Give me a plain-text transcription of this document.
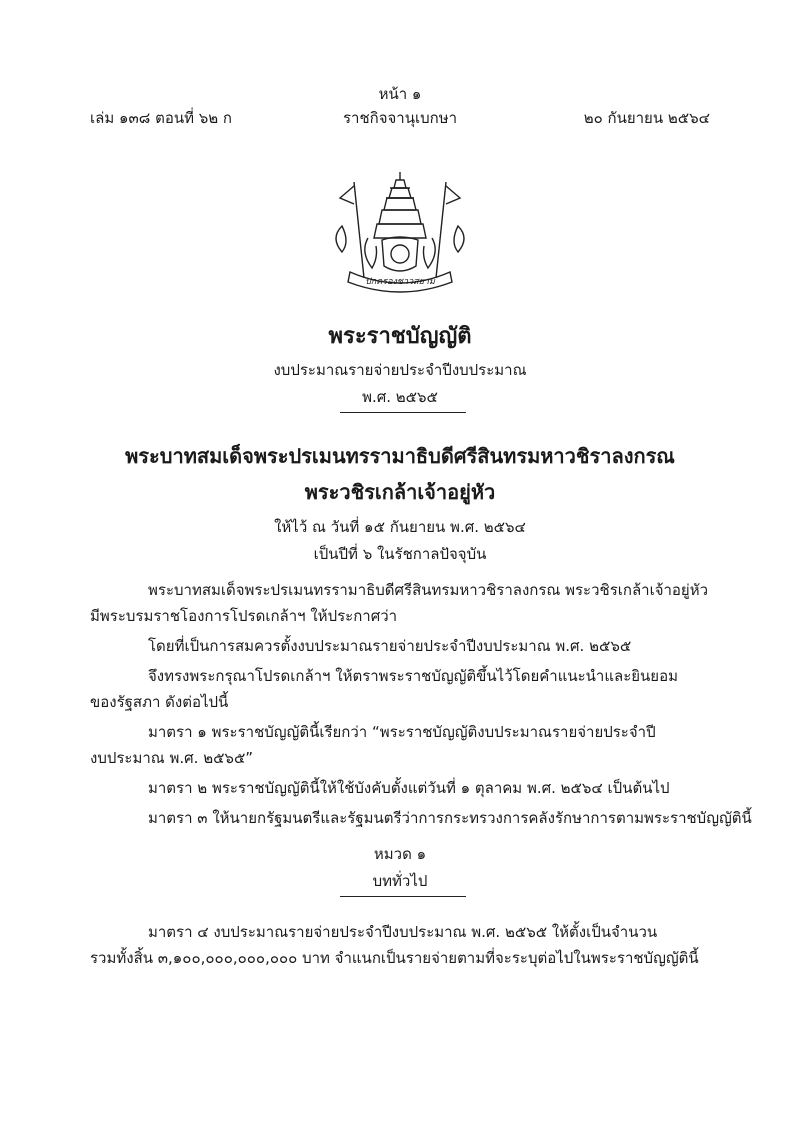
หน้า ๑
เล่ม ๑๓๘ ตอนที่ ๖๒ ก	ราชกิจจานุเบกษา	๒๐ กันยายน ๒๕๖๔
ปกครองชาวสยาม
พระราชบัญญัติ
งบประมาณรายจ่ายประจำปีงบประมาณ
พ.ศ. ๒๕๖๕
พระบาทสมเด็จพระปรเมนทรรามาธิบดีศรีสินทรมหาวชิราลงกรณ
พระวชิรเกล้าเจ้าอยู่หัว
ให้ไว้ ณ วันที่ ๑๕ กันยายน พ.ศ. ๒๕๖๔
เป็นปีที่ ๖ ในรัชกาลปัจจุบัน
พระบาทสมเด็จพระปรเมนทรรามาธิบดีศรีสินทรมหาวชิราลงกรณ พระวชิรเกล้าเจ้าอยู่หัว
มีพระบรมราชโองการโปรดเกล้าฯ ให้ประกาศว่า
โดยที่เป็นการสมควรตั้งงบประมาณรายจ่ายประจำปีงบประมาณ พ.ศ. ๒๕๖๕
จึงทรงพระกรุณาโปรดเกล้าฯ ให้ตราพระราชบัญญัติขึ้นไว้โดยคำแนะนำและยินยอม
ของรัฐสภา ดังต่อไปนี้
มาตรา ๑ พระราชบัญญัตินี้เรียกว่า “พระราชบัญญัติงบประมาณรายจ่ายประจำปี
งบประมาณ พ.ศ. ๒๕๖๕”
มาตรา ๒ พระราชบัญญัตินี้ให้ใช้บังคับตั้งแต่วันที่ ๑ ตุลาคม พ.ศ. ๒๕๖๔ เป็นต้นไป
มาตรา ๓ ให้นายกรัฐมนตรีและรัฐมนตรีว่าการกระทรวงการคลังรักษาการตามพระราชบัญญัตินี้
หมวด ๑
บททั่วไป
มาตรา ๔ งบประมาณรายจ่ายประจำปีงบประมาณ พ.ศ. ๒๕๖๕ ให้ตั้งเป็นจำนวน
รวมทั้งสิ้น ๓,๑๐๐,๐๐๐,๐๐๐,๐๐๐ บาท จำแนกเป็นรายจ่ายตามที่จะระบุต่อไปในพระราชบัญญัตินี้
